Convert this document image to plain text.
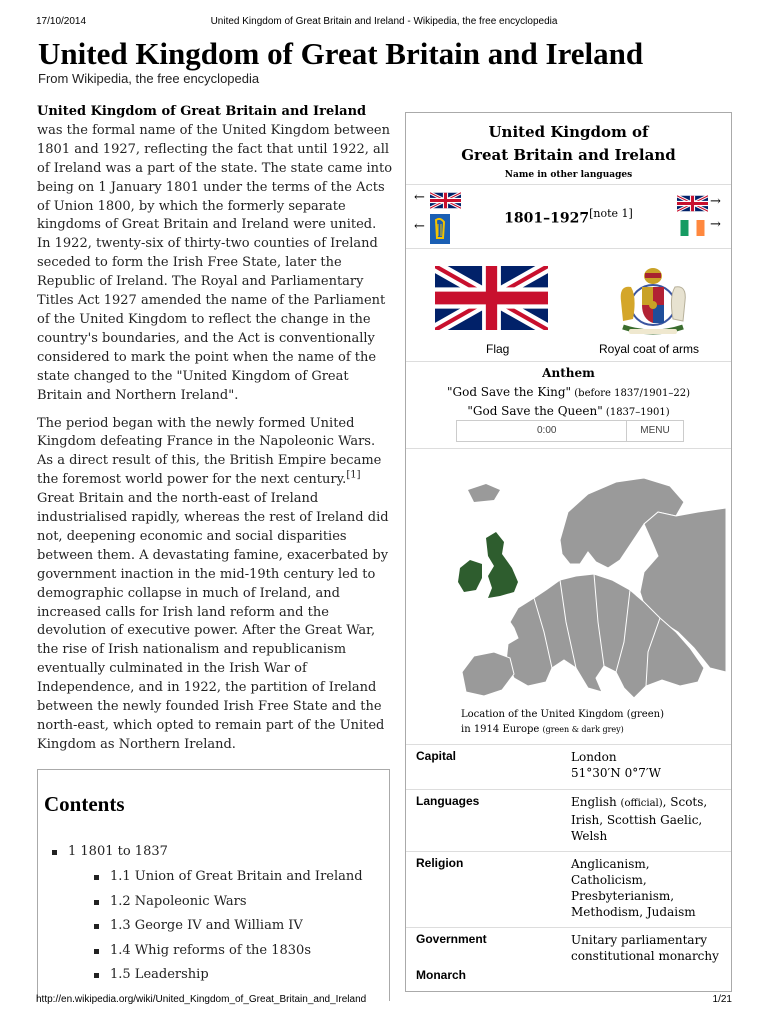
17/10/2014	United Kingdom of Great Britain and Ireland - Wikipedia, the free encyclopedia
United Kingdom of Great Britain and Ireland
From Wikipedia, the free encyclopedia

United Kingdom of Great Britain and Ireland was the formal name of the United Kingdom between 1801 and 1927, reflecting the fact that until 1922, all of Ireland was a part of the state. The state came into being on 1 January 1801 under the terms of the Acts of Union 1800, by which the formerly separate kingdoms of Great Britain and Ireland were united. In 1922, twenty-six of thirty-two counties of Ireland seceded to form the Irish Free State, later the Republic of Ireland. The Royal and Parliamentary Titles Act 1927 amended the name of the Parliament of the United Kingdom to reflect the change in the country's boundaries, and the Act is conventionally considered to mark the point when the name of the state changed to the "United Kingdom of Great Britain and Northern Ireland".

The period began with the newly formed United Kingdom defeating France in the Napoleonic Wars. As a direct result of this, the British Empire became the foremost world power for the next century.[1] Great Britain and the north-east of Ireland industrialised rapidly, whereas the rest of Ireland did not, deepening economic and social disparities between them. A devastating famine, exacerbated by government inaction in the mid-19th century led to demographic collapse in much of Ireland, and increased calls for Irish land reform and the devolution of executive power. After the Great War, the rise of Irish nationalism and republicanism eventually culminated in the Irish War of Independence, and in 1922, the partition of Ireland between the newly founded Irish Free State and the north-east, which opted to remain part of the United Kingdom as Northern Ireland.

Contents
1 1801 to 1837
1.1 Union of Great Britain and Ireland
1.2 Napoleonic Wars
1.3 George IV and William IV
1.4 Whig reforms of the 1830s
1.5 Leadership
United Kingdom of
Great Britain and Ireland
Name in other languages
←
←	1801–1927[note 1]
→
→
Flag	Royal coat of arms
Anthem
"God Save the King" (before 1837/1901–22)
"God Save the Queen" (1837–1901)
0:00	MENU
Location of the United Kingdom (green)
in 1914 Europe (green & dark grey)
Capital	London
51°30′N 0°7′W
Languages	English (official), Scots,
Irish, Scottish Gaelic,
Welsh
Religion	Anglicanism,
Catholicism,
Presbyterianism,
Methodism, Judaism
Government	Unitary parliamentary
constitutional monarchy
Monarch
http://en.wikipedia.org/wiki/United_Kingdom_of_Great_Britain_and_Ireland	1/21
